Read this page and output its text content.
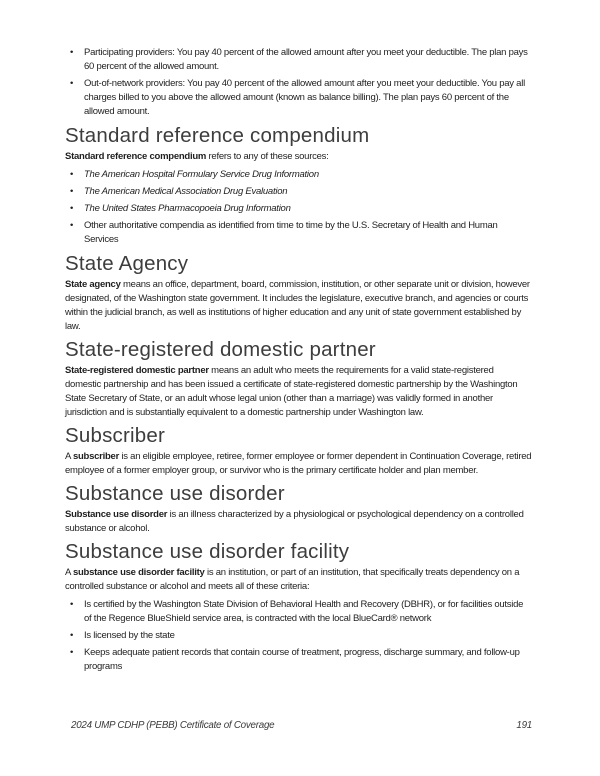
• Participating providers: You pay 40 percent of the allowed amount after you meet your deductible. The plan pays 60 percent of the allowed amount.
• Out-of-network providers: You pay 40 percent of the allowed amount after you meet your deductible. You pay all charges billed to you above the allowed amount (known as balance billing). The plan pays 60 percent of the allowed amount.
Standard reference compendium

Standard reference compendium refers to any of these sources:

• The American Hospital Formulary Service Drug Information
• The American Medical Association Drug Evaluation
• The United States Pharmacopoeia Drug Information
• Other authoritative compendia as identified from time to time by the U.S. Secretary of Health and Human Services
State Agency

State agency means an office, department, board, commission, institution, or other separate unit or division, however designated, of the Washington state government. It includes the legislature, executive branch, and agencies or courts within the judicial branch, as well as institutions of higher education and any unit of state government established by law.

State-registered domestic partner

State-registered domestic partner means an adult who meets the requirements for a valid state-registered domestic partnership and has been issued a certificate of state-registered domestic partnership by the Washington State Secretary of State, or an adult whose legal union (other than a marriage) was validly formed in another jurisdiction and is substantially equivalent to a domestic partnership under Washington law.

Subscriber

A subscriber is an eligible employee, retiree, former employee or former dependent in Continuation Coverage, retired employee of a former employer group, or survivor who is the primary certificate holder and plan member.

Substance use disorder

Substance use disorder is an illness characterized by a physiological or psychological dependency on a controlled substance or alcohol.

Substance use disorder facility

A substance use disorder facility is an institution, or part of an institution, that specifically treats dependency on a controlled substance or alcohol and meets all of these criteria:

• Is certified by the Washington State Division of Behavioral Health and Recovery (DBHR), or for facilities outside of the Regence BlueShield service area, is contracted with the local BlueCard® network
• Is licensed by the state
• Keeps adequate patient records that contain course of treatment, progress, discharge summary, and follow-up programs
2024 UMP CDHP (PEBB) Certificate of Coverage	191
